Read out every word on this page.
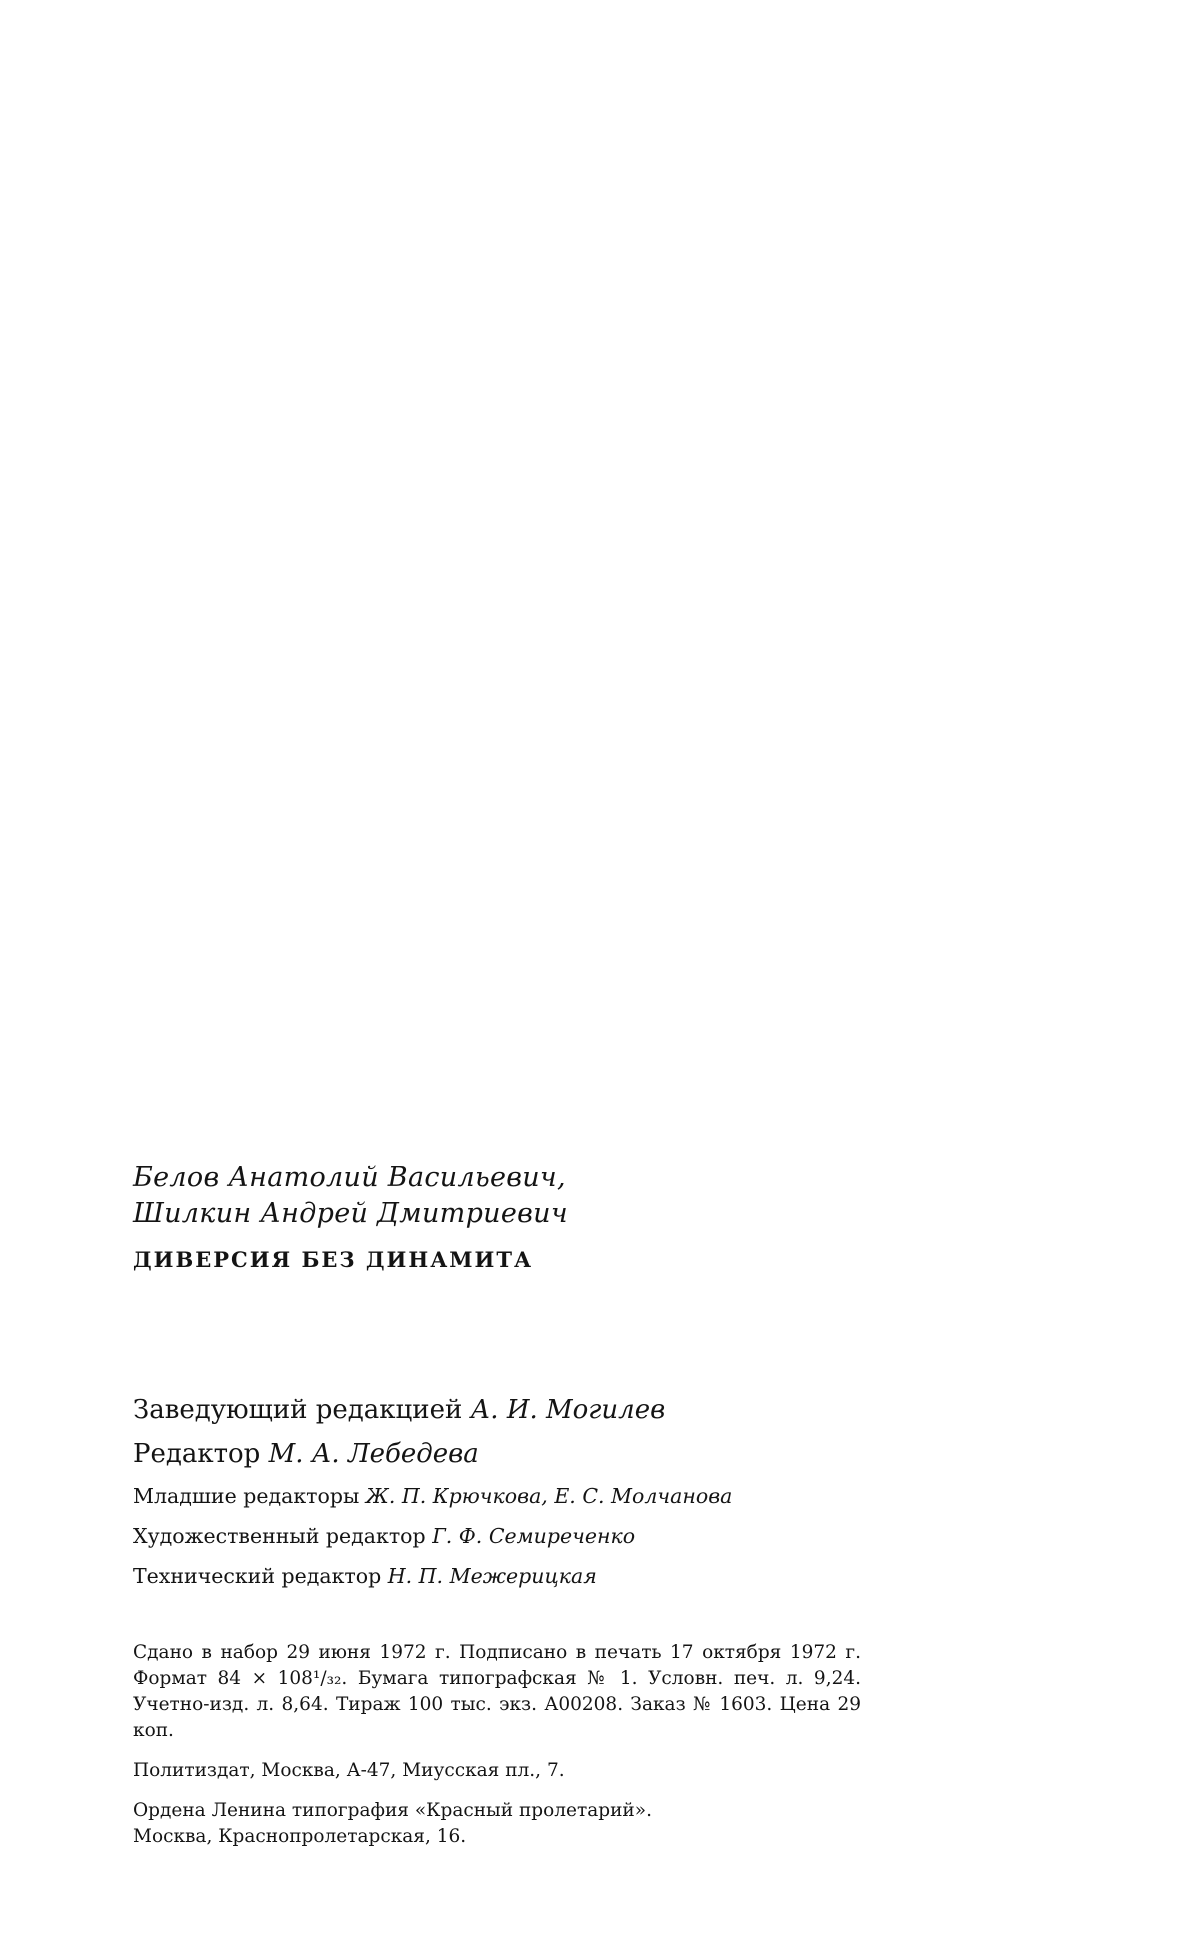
Белов Анатолий Васильевич,
Шилкин Андрей Дмитриевич
ДИВЕРСИЯ БЕЗ ДИНАМИТА
Заведующий редакцией А. И. Могилев
Редактор М. А. Лебедева
Младшие редакторы Ж. П. Крючкова, Е. С. Молчанова
Художественный редактор Г. Ф. Семиреченко
Технический редактор Н. П. Межерицкая
Сдано в набор 29 июня 1972 г. Подписано в печать 17 октября 1972 г. Формат 84 × 108¹/₃₂. Бумага типографская № 1. Условн. печ. л. 9,24. Учетно-изд. л. 8,64. Тираж 100 тыс. экз. А00208. Заказ № 1603. Цена 29 коп.
Политиздат, Москва, А-47, Миусская пл., 7.
Ордена Ленина типография «Красный пролетарий».
Москва, Краснопролетарская, 16.
